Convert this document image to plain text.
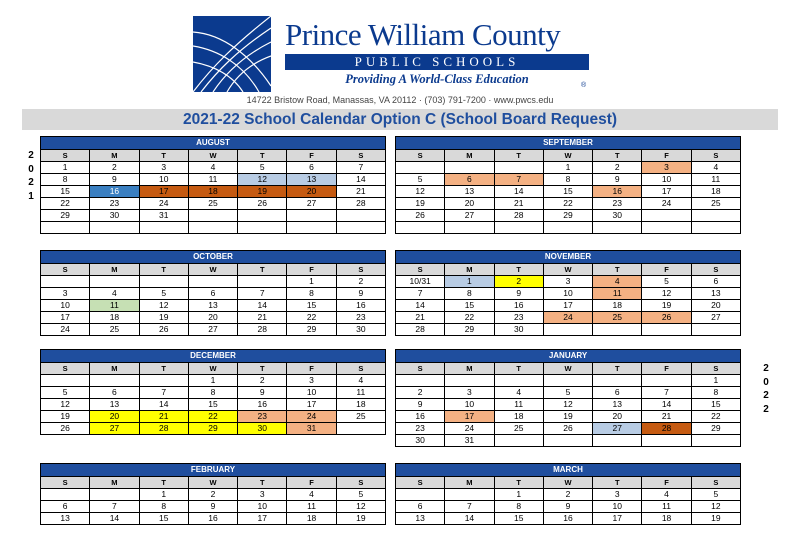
Prince William County
PUBLIC SCHOOLS
Providing A World-Class Education	®
14722 Bristow Road, Manassas, VA 20112 · (703) 791-7200 · www.pwcs.edu
2021-22 School Calendar Option C (School Board Request)
2
0
2
1
2
0
2
2
AUGUST
S	M	T	W	T	F	S
1	2	3	4	5	6	7
8	9	10	11	12	13	14
15	16	17	18	19	20	21
22	23	24	25	26	27	28
29	30	31				

SEPTEMBER
S	M	T	W	T	F	S
			1	2	3	4
5	6	7	8	9	10	11
12	13	14	15	16	17	18
19	20	21	22	23	24	25
26	27	28	29	30		

OCTOBER
S	M	T	W	T	F	S
					1	2
3	4	5	6	7	8	9
10	11	12	13	14	15	16
17	18	19	20	21	22	23
24	25	26	27	28	29	30
NOVEMBER
S	M	T	W	T	F	S
10/31	1	2	3	4	5	6
7	8	9	10	11	12	13
14	15	16	17	18	19	20
21	22	23	24	25	26	27
28	29	30				
DECEMBER
S	M	T	W	T	F	S
			1	2	3	4
5	6	7	8	9	10	11
12	13	14	15	16	17	18
19	20	21	22	23	24	25
26	27	28	29	30	31	
JANUARY
S	M	T	W	T	F	S
						1
2	3	4	5	6	7	8
9	10	11	12	13	14	15
16	17	18	19	20	21	22
23	24	25	26	27	28	29
30	31					
FEBRUARY
S	M	T	W	T	F	S
		1	2	3	4	5
6	7	8	9	10	11	12
13	14	15	16	17	18	19
MARCH
S	M	T	W	T	F	S
		1	2	3	4	5
6	7	8	9	10	11	12
13	14	15	16	17	18	19
